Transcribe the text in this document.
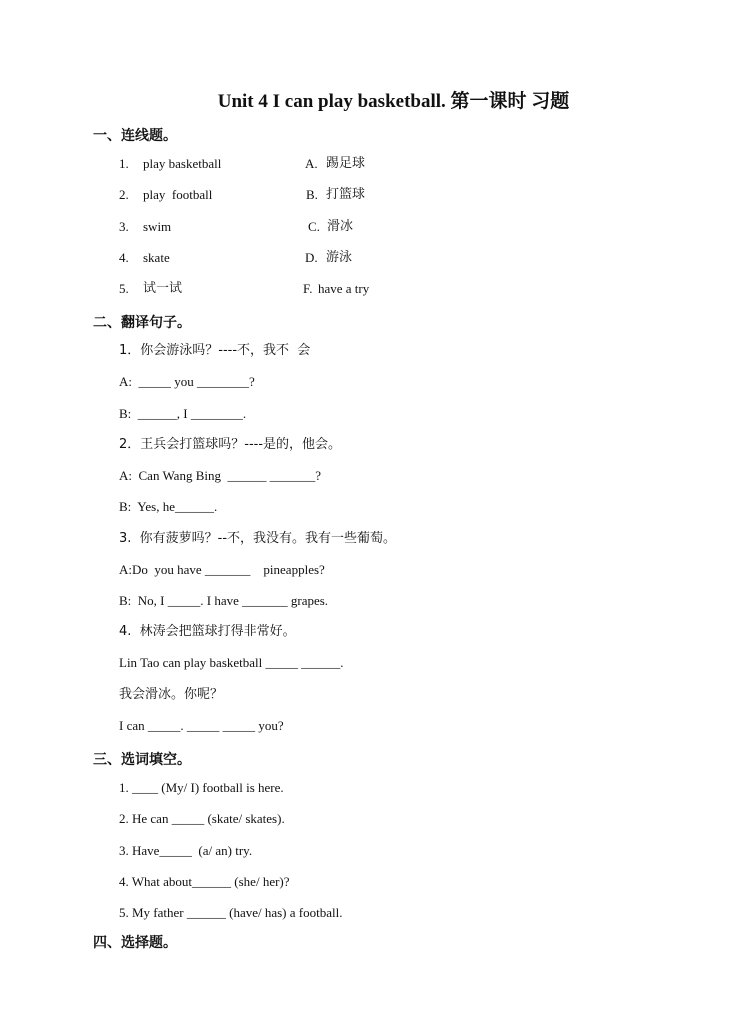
Unit 4 I can play basketball. 第一课时 习题
一、连线题。
1. play basketball	A. 踢足球
2. play  football	B. 打篮球
3. swim	C. 滑冰
4. skate	D. 游泳
5. 试一试	F. have a try
二、翻译句子。
1．你会游泳吗？----不，我不  会
A:  _____ you ________?
B:  ______, I ________.
2．王兵会打篮球吗？----是的，他会。
A:  Can Wang Bing  ______ _______?
B:  Yes, he______.
3.  你有菠萝吗？--不，我没有。我有一些葡萄。
A:Do  you have _______    pineapples?
B:  No, I _____. I have _______ grapes.
4.  林涛会把篮球打得非常好。
Lin Tao can play basketball _____ ______.
我会滑冰。你呢？
I can _____. _____ _____ you?
三、选词填空。
1. ____ (My/ I) football is here.
2. He can _____ (skate/ skates).
3. Have_____  (a/ an) try.
4. What about______ (she/ her)?
5. My father ______ (have/ has) a football.
四、选择题。
